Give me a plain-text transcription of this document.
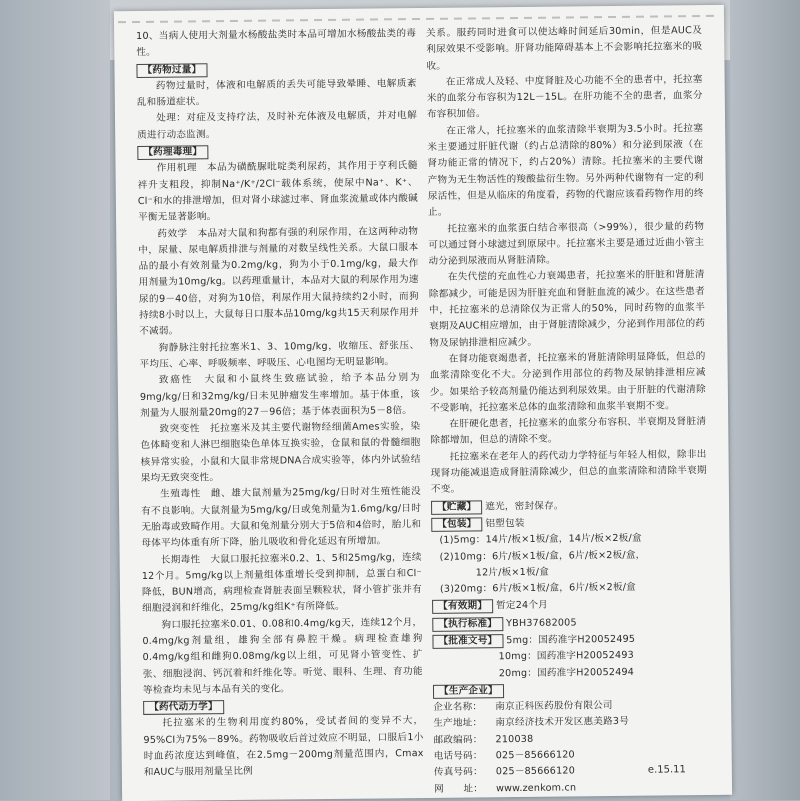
10、当病人使用大剂量水杨酸盐类时本品可增加水杨酸盐类的毒性。

【药物过量】

药物过量时，体液和电解质的丢失可能导致晕睡、电解质紊乱和肠道症状。

处理：对症及支持疗法，及时补充体液及电解质，并对电解质进行动态监测。

【药理毒理】

作用机理　本品为磺酰脲吡啶类利尿药，其作用于亨利氏髓袢升支粗段，抑制Na⁺/K⁺/2Cl⁻载体系统，使尿中Na⁺、K⁺、Cl⁻和水的排泄增加，但对肾小球滤过率、肾血浆流量或体内酸碱平衡无显著影响。

药效学　本品对大鼠和狗都有强的利尿作用，在这两种动物中，尿量、尿电解质排泄与剂量的对数呈线性关系。大鼠口服本品的最小有效剂量为0.2mg/kg，狗为小于0.1mg/kg，最大作用剂量为10mg/kg。以药理重量计，本品对大鼠的利尿作用为速尿的9－40倍，对狗为10倍，利尿作用大鼠持续约2小时，而狗持续8小时以上，大鼠每日口服本品10mg/kg共15天利尿作用并不减弱。

狗静脉注射托拉塞米1、3、10mg/kg，收缩压、舒张压、平均压、心率、呼吸频率、呼吸压、心电图均无明显影响。

致癌性　大鼠和小鼠终生致癌试验，给予本品分别为9mg/kg/日和32mg/kg/日未见肿瘤发生率增加。基于体重，该剂量为人服剂量20mg的27－96倍；基于体表面积为5－8倍。

致突变性　托拉塞米及其主要代谢物经细菌Ames实验，染色体畸变和人淋巴细胞染色单体互换实验，仓鼠和鼠的骨髓细胞核异常实验，小鼠和大鼠非常规DNA合成实验等，体内外试验结果均无致突变性。

生殖毒性　雌、雄大鼠剂量为25mg/kg/日时对生殖性能没有不良影响。大鼠剂量为5mg/kg/日或兔剂量为1.6mg/kg/日时无胎毒或致畸作用。大鼠和兔剂量分别大于5倍和4倍时，胎儿和母体平均体重有所下降，胎儿吸收和骨化延迟有所增加。

长期毒性　大鼠口服托拉塞米0.2、1、5和25mg/kg，连续12个月。5mg/kg以上剂量组体重增长受到抑制，总蛋白和Cl⁻降低，BUN增高，病理检查肾脏表面呈颗粒状，肾小管扩张并有细胞浸润和纤维化，25mg/kg组K⁺有所降低。

狗口服托拉塞米0.01、0.08和0.4mg/kg天，连续12个月，0.4mg/kg剂量组，雄狗全部有鼻腔干燥。病理检查雄狗0.4mg/kg组和雌狗0.08mg/kg以上组，可见肾小管变性、扩张、细胞浸润、钙沉着和纤维化等。听觉、眼科、生理、育功能等检查均未见与本品有关的变化。

【药代动力学】

托拉塞米的生物利用度约80%，受试者间的变异不大，95%CI为75%－89%。药物吸收后首过效应不明显，口服后1小时血药浓度达到峰值，在2.5mg－200mg剂量范围内，Cmax和AUC与服用剂量呈比例

关系。服药同时进食可以使达峰时间延后30min，但是AUC及利尿效果不受影响。肝肾功能障碍基本上不会影响托拉塞米的吸收。

在正常成人及轻、中度肾脏及心功能不全的患者中，托拉塞米的血浆分布容积为12L－15L。在肝功能不全的患者，血浆分布容积加倍。

在正常人，托拉塞米的血浆清除半衰期为3.5小时。托拉塞米主要通过肝脏代谢（约占总清除的80%）和分泌到尿液（在肾功能正常的情况下，约占20%）清除。托拉塞米的主要代谢产物为无生物活性的羧酸盐衍生物。另外两种代谢物有一定的利尿活性，但是从临床的角度看，药物的代谢应该看药物作用的终止。

托拉塞米的血浆蛋白结合率很高（>99%），很少量的药物可以通过肾小球滤过到原尿中。托拉塞米主要是通过近曲小管主动分泌到尿液而从肾脏清除。

在失代偿的充血性心力衰竭患者，托拉塞米的肝脏和肾脏清除都减少，可能是因为肝脏充血和肾脏血流的减少。在这些患者中，托拉塞米的总清除仅为正常人的50%，同时药物的血浆半衰期及AUC相应增加，由于肾脏清除减少，分泌到作用部位的药物及尿钠排泄相应减少。

在肾功能衰竭患者，托拉塞米的肾脏清除明显降低，但总的血浆清除变化不大。分泌到作用部位的药物及尿钠排泄相应减少。如果给予较高剂量仍能达到利尿效果。由于肝脏的代谢清除不受影响，托拉塞米总体的血浆清除和血浆半衰期不变。

在肝硬化患者，托拉塞米的血浆分布容积、半衰期及肾脏清除都增加，但总的清除不变。

托拉塞米在老年人的药代动力学特征与年轻人相似，除非出现肾功能减退造成肾脏清除减少，但总的血浆清除和清除半衰期不变。

【贮藏】 遮光，密封保存。
【包装】 铝塑包装
(1)5mg：14片/板×1板/盒，14片/板×2板/盒
(2)10mg：6片/板×1板/盒，6片/板×2板/盒，
12片/板×1板/盒
(3)20mg：6片/板×1板/盒，6片/板×2板/盒
【有效期】 暂定24个月
【执行标准】 YBH37682005
【批准文号】 5mg：国药准字H20052495
10mg：国药准字H20052493
20mg：国药准字H20052494
【生产企业】
企业名称：	南京正科医药股份有限公司
生产地址：	南京经济技术开发区惠美路3号
邮政编码：	210038
电话号码：	025－85666120
传真号码：	025－85666120
网　　址：	www.zenkom.cn
e.15.11
